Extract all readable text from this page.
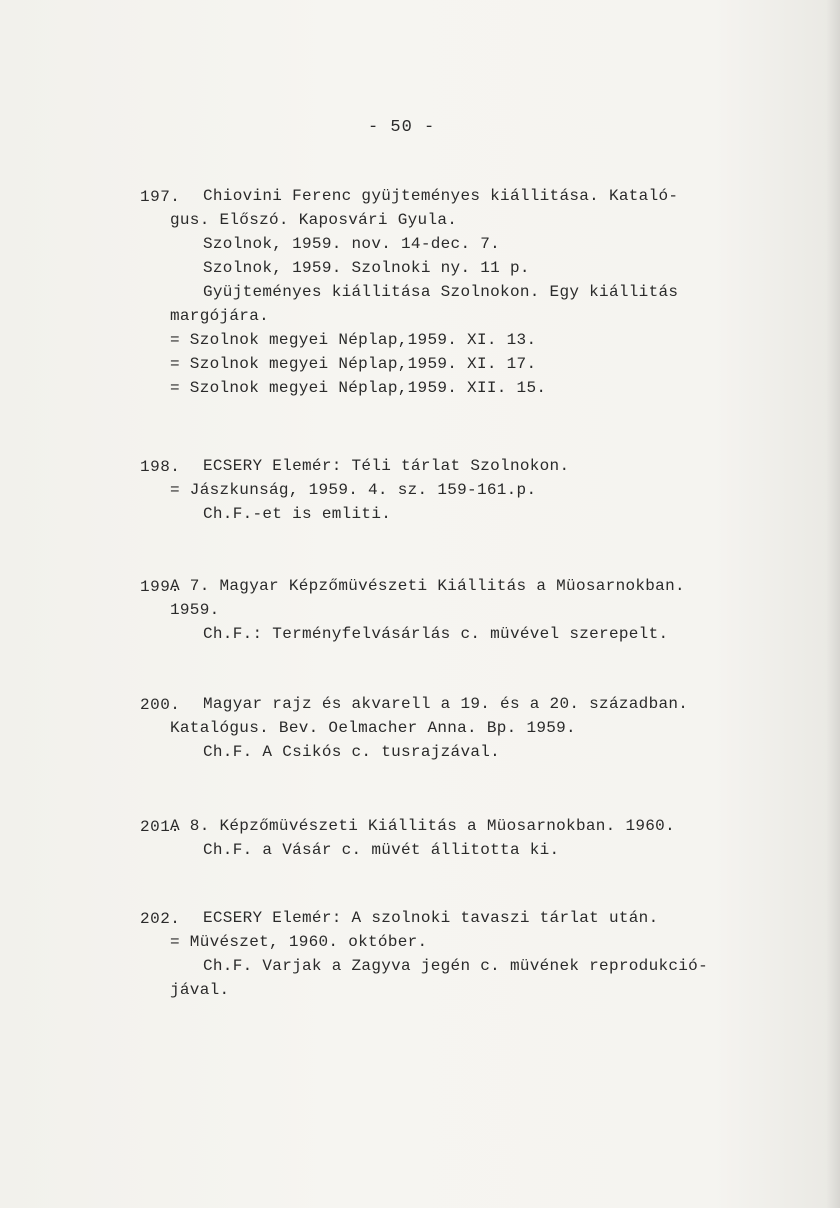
- 50 -
197. Chiovini Ferenc gyüjteményes kiállitása. Kataló-
gus. Előszó. Kaposvári Gyula.
Szolnok, 1959. nov. 14-dec. 7.
Szolnok, 1959. Szolnoki ny. 11 p.
Gyüjteményes kiállitása Szolnokon. Egy kiállitás
margójára.
= Szolnok megyei Néplap,1959. XI. 13.
= Szolnok megyei Néplap,1959. XI. 17.
= Szolnok megyei Néplap,1959. XII. 15.
198. ECSERY Elemér: Téli tárlat Szolnokon.
= Jászkunság, 1959. 4. sz. 159-161.p.
Ch.F.-et is emliti.
199.
A 7. Magyar Képzőmüvészeti Kiállitás a Müosarnokban.
1959.
Ch.F.: Terményfelvásárlás c. müvével szerepelt.
200. Magyar rajz és akvarell a 19. és a 20. században.
Katalógus. Bev. Oelmacher Anna. Bp. 1959.
Ch.F. A Csikós c. tusrajzával.
201.
A 8. Képzőmüvészeti Kiállitás a Müosarnokban. 1960.
Ch.F. a Vásár c. müvét állitotta ki.
202. ECSERY Elemér: A szolnoki tavaszi tárlat után.
= Müvészet, 1960. október.
Ch.F. Varjak a Zagyva jegén c. müvének reprodukció-
jával.
